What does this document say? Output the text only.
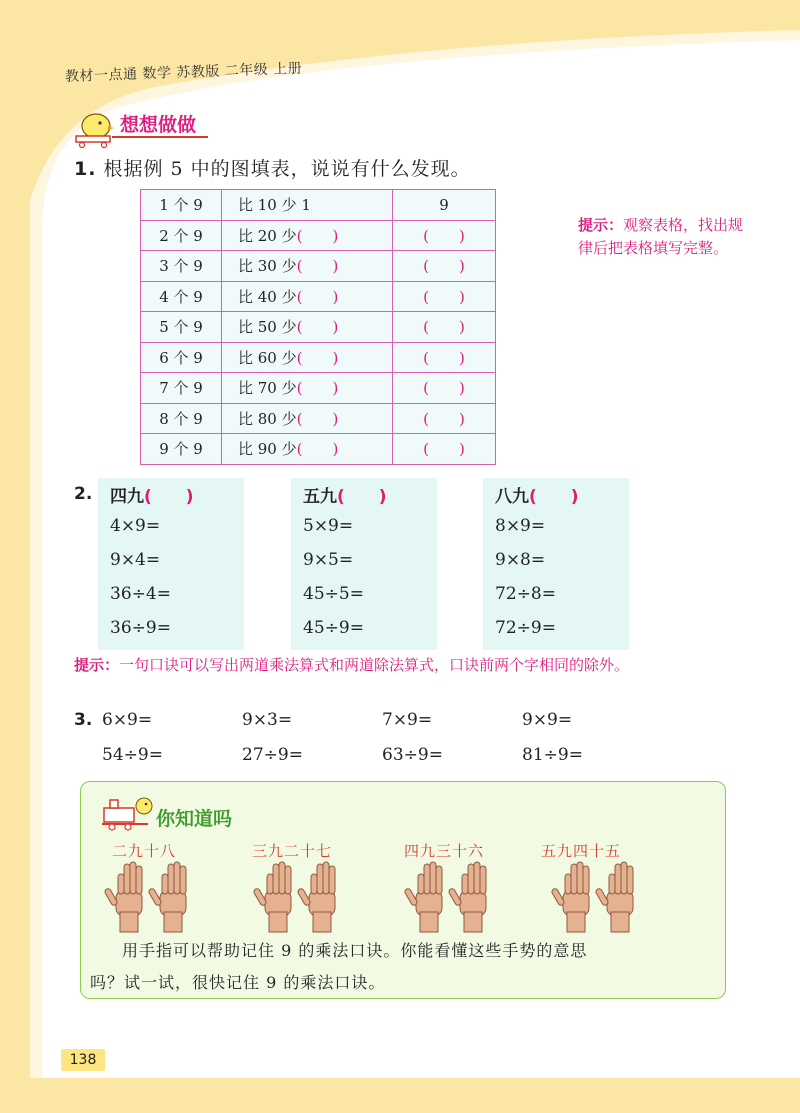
教材一点通 数学 苏教版 二年级 上册
想想做做
1. 根据例 5 中的图填表，说说有什么发现。
1 个 9	比 10 少 1	9
2 个 9	比 20 少(　　)	(　　)
3 个 9	比 30 少(　　)	(　　)
4 个 9	比 40 少(　　)	(　　)
5 个 9	比 50 少(　　)	(　　)
6 个 9	比 60 少(　　)	(　　)
7 个 9	比 70 少(　　)	(　　)
8 个 9	比 80 少(　　)	(　　)
9 个 9	比 90 少(　　)	(　　)
提示：观察表格，找出规律后把表格填写完整。
2. 四九(　　)
4×9=
9×4=
36÷4=
36÷9=
五九(　　)
5×9=
9×5=
45÷5=
45÷9=
八九(　　)
8×9=
9×8=
72÷8=
72÷9=
提示：一句口诀可以写出两道乘法算式和两道除法算式，口诀前两个字相同的除外。
3. 6×9=	9×3=	7×9=	9×9=
54÷9=	27÷9=	63÷9=	81÷9=
你知道吗
二九十八	三九二十七	四九三十六	五九四十五
用手指可以帮助记住 9 的乘法口诀。你能看懂这些手势的意思
吗？试一试，很快记住 9 的乘法口诀。
138
